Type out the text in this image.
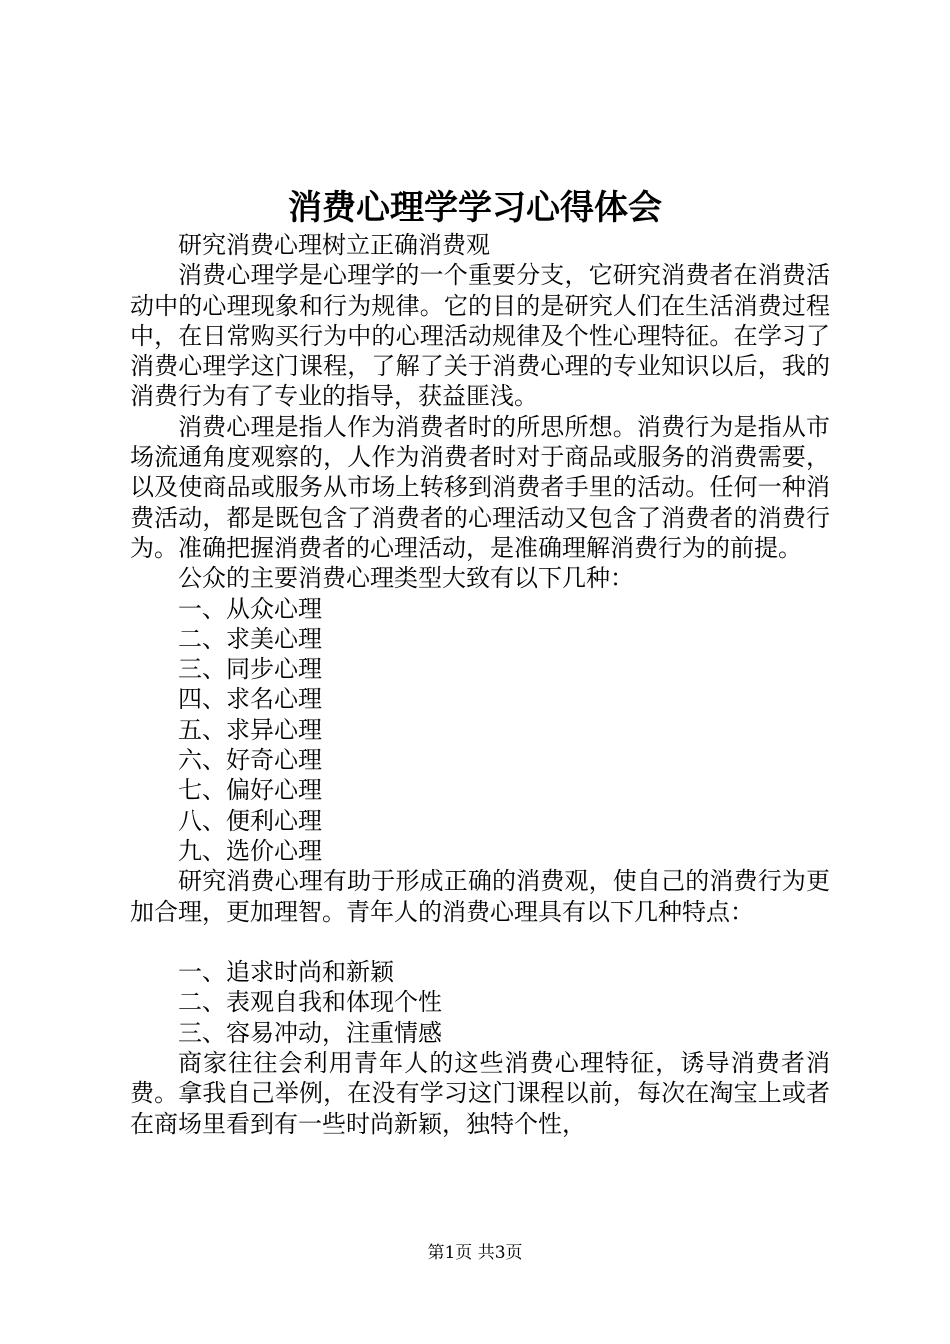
消费心理学学习心得体会

研究消费心理树立正确消费观

消费心理学是心理学的一个重要分支，它研究消费者在消费活动中的心理现象和行为规律。它的目的是研究人们在生活消费过程中，在日常购买行为中的心理活动规律及个性心理特征。在学习了消费心理学这门课程，了解了关于消费心理的专业知识以后，我的消费行为有了专业的指导，获益匪浅。

消费心理是指人作为消费者时的所思所想。消费行为是指从市场流通角度观察的，人作为消费者时对于商品或服务的消费需要，以及使商品或服务从市场上转移到消费者手里的活动。任何一种消费活动，都是既包含了消费者的心理活动又包含了消费者的消费行为。准确把握消费者的心理活动，是准确理解消费行为的前提。

公众的主要消费心理类型大致有以下几种：

一、从众心理

二、求美心理

三、同步心理

四、求名心理

五、求异心理

六、好奇心理

七、偏好心理

八、便利心理

九、选价心理

研究消费心理有助于形成正确的消费观，使自己的消费行为更加合理，更加理智。青年人的消费心理具有以下几种特点：

一、追求时尚和新颖

二、表观自我和体现个性

三、容易冲动，注重情感

商家往往会利用青年人的这些消费心理特征，诱导消费者消费。拿我自己举例，在没有学习这门课程以前，每次在淘宝上或者在商场里看到有一些时尚新颖，独特个性，

第1页 共3页
